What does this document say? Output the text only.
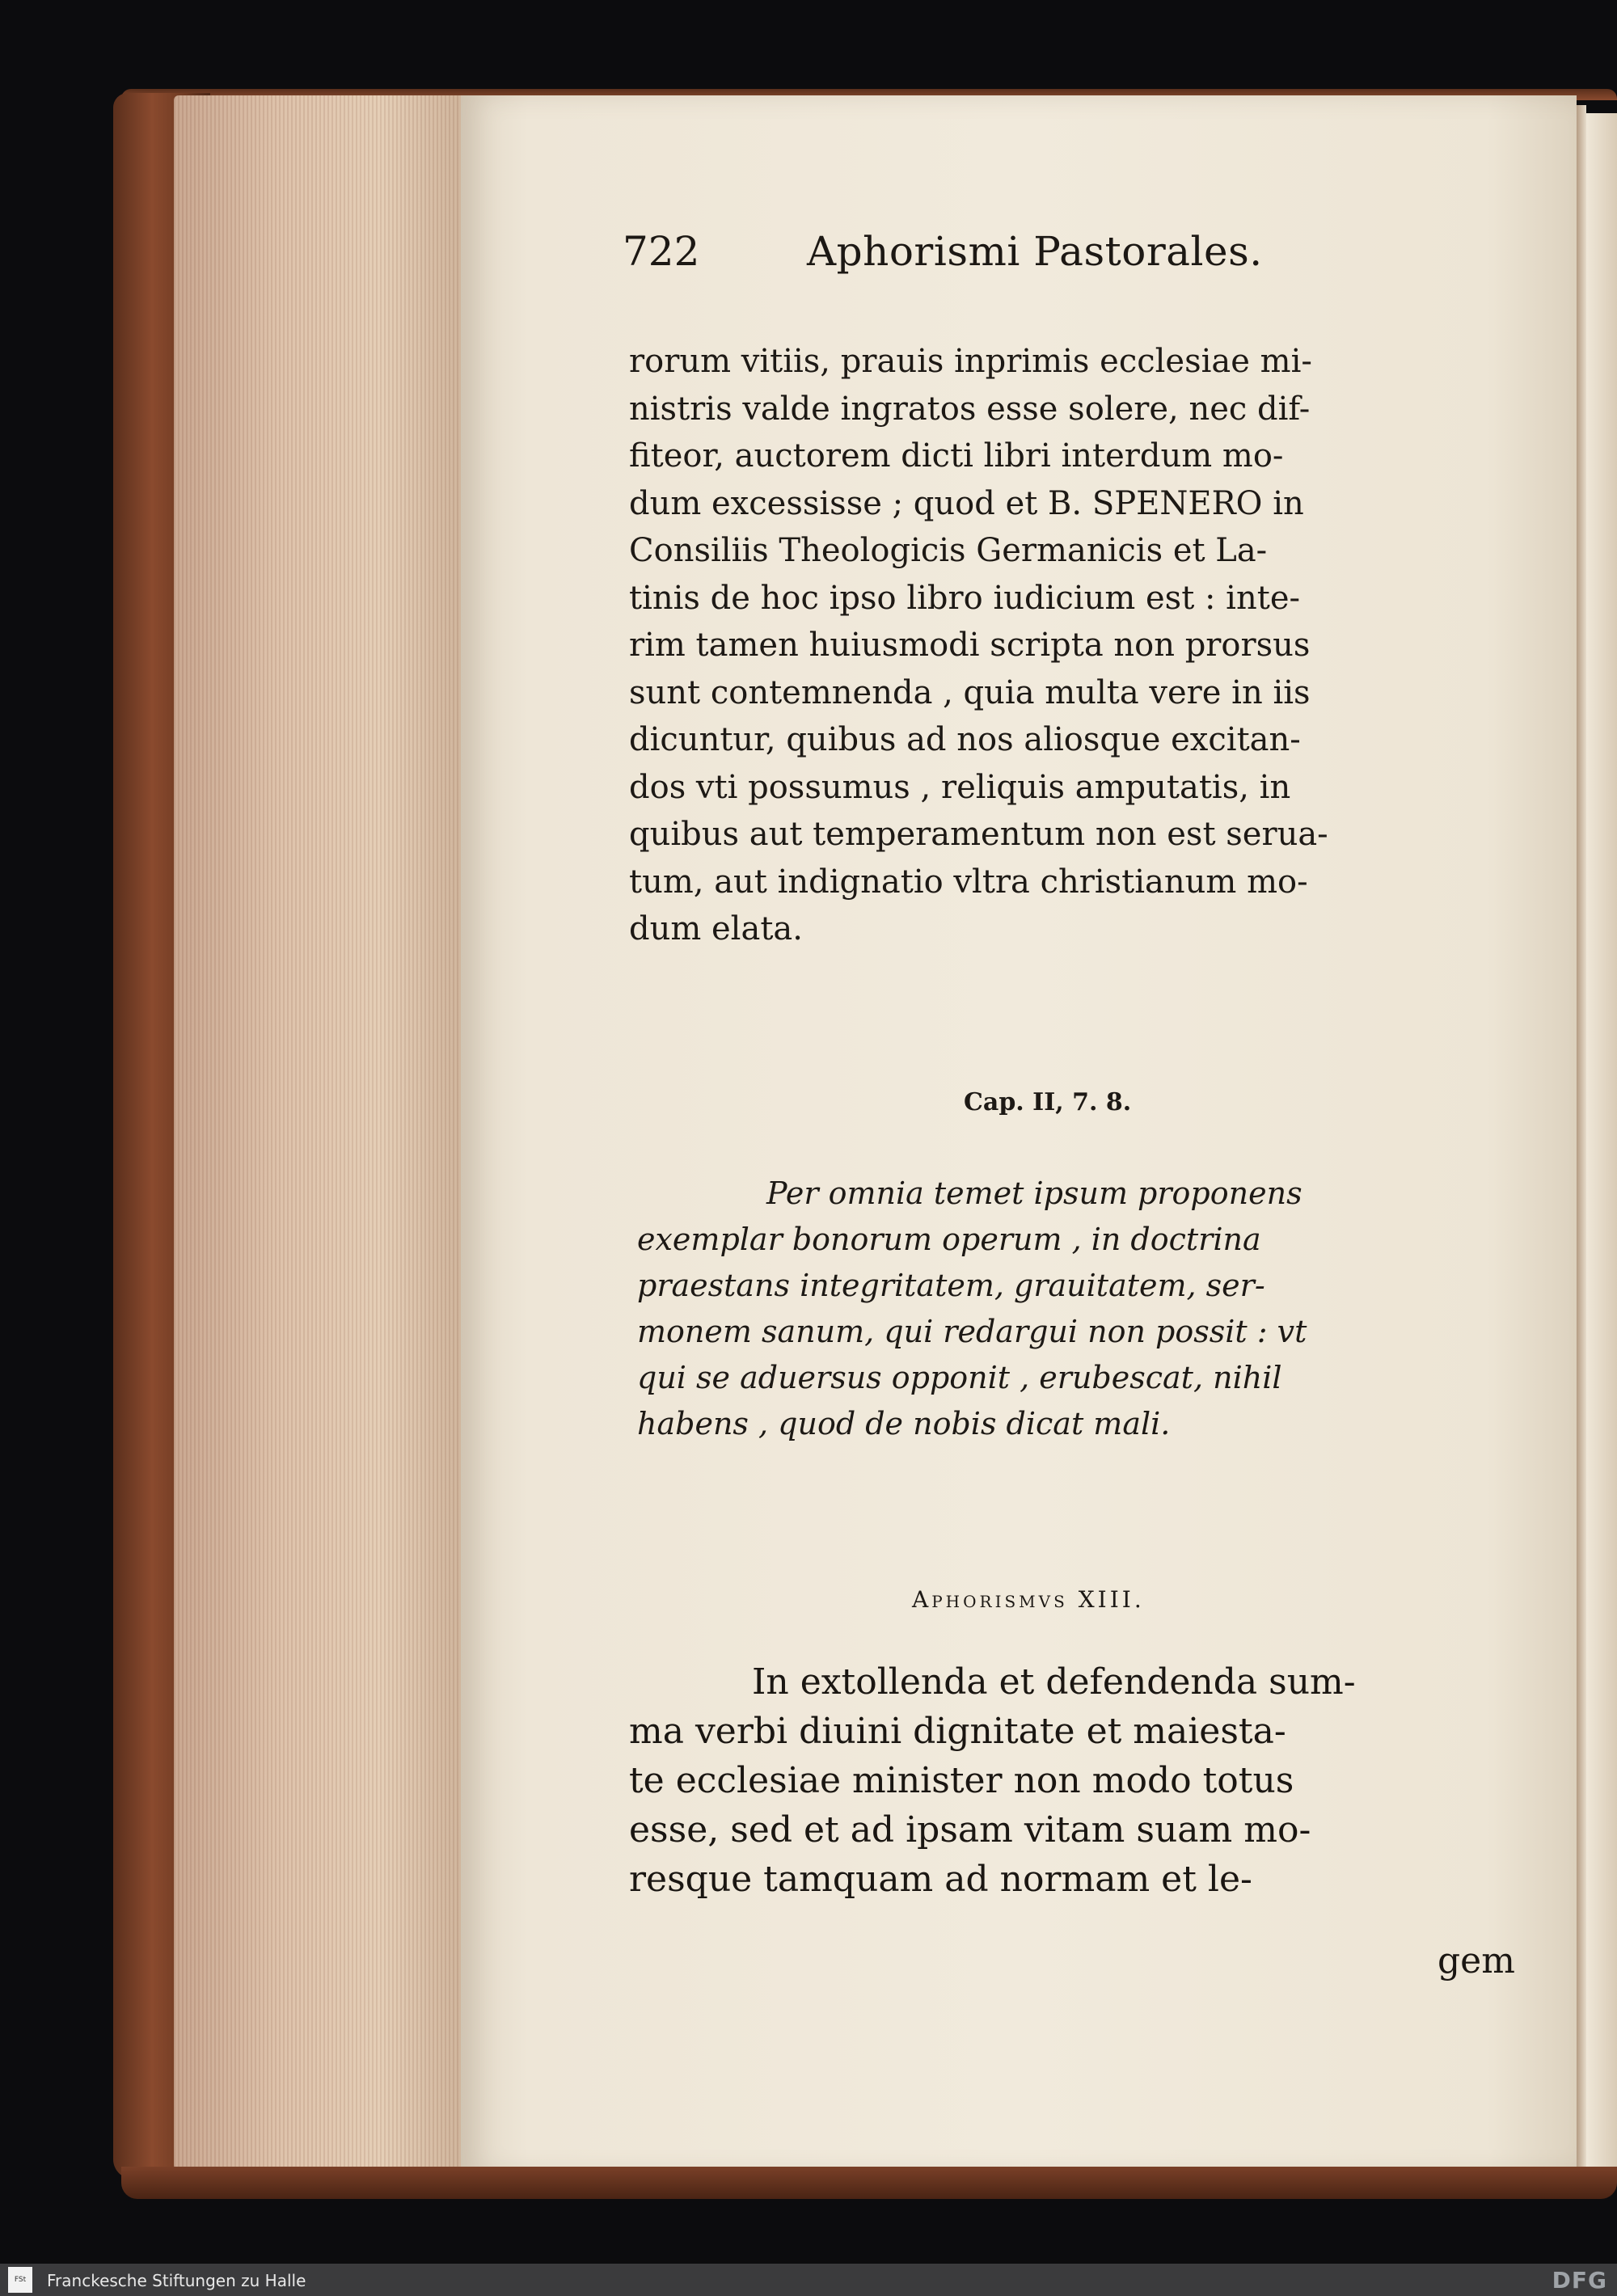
722	Aphorismi Pastorales.
rorum vitiis, prauis inprimis ecclesiae mi-
nistris valde ingratos esse solere, nec dif-
fiteor, auctorem dicti libri interdum mo-
dum excessisse ; quod et B. SPENERO in
Consiliis Theologicis Germanicis et La-
tinis de hoc ipso libro iudicium est : inte-
rim tamen huiusmodi scripta non prorsus
sunt contemnenda , quia multa vere in iis
dicuntur, quibus ad nos aliosque excitan-
dos vti possumus , reliquis amputatis, in
quibus aut temperamentum non est serua-
tum, aut indignatio vltra christianum mo-
dum elata.
Cap. II, 7. 8.
Per omnia temet ipsum proponens
exemplar bonorum operum , in doctrina
praestans integritatem, grauitatem, ser-
monem sanum, qui redargui non possit : vt
qui se aduersus opponit , erubescat, nihil
habens , quod de nobis dicat mali.
Aphorismvs XIII.
In extollenda et defendenda sum-
ma verbi diuini dignitate et maiesta-
te ecclesiae minister non modo totus
esse, sed et ad ipsam vitam suam mo-
resque tamquam ad normam et le-
gem
FSt	Franckesche Stiftungen zu Halle	DFG
